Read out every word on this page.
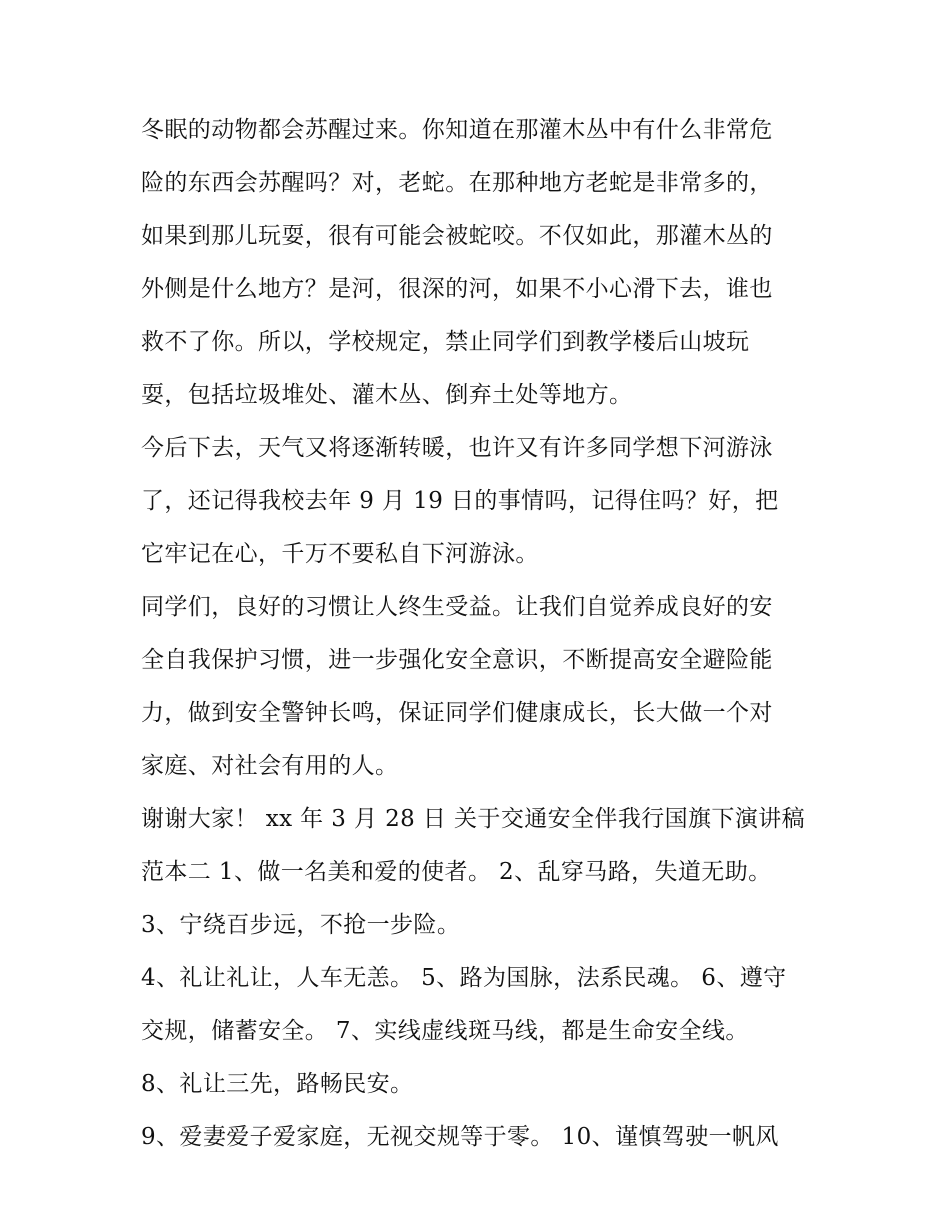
冬眠的动物都会苏醒过来。你知道在那灌木丛中有什么非常危
险的东西会苏醒吗？对，老蛇。在那种地方老蛇是非常多的，
如果到那儿玩耍，很有可能会被蛇咬。不仅如此，那灌木丛的
外侧是什么地方？是河，很深的河，如果不小心滑下去，谁也
救不了你。所以，学校规定，禁止同学们到教学楼后山坡玩
耍，包括垃圾堆处、灌木丛、倒弃土处等地方。
今后下去，天气又将逐渐转暖，也许又有许多同学想下河游泳
了，还记得我校去年 9 月 19 日的事情吗，记得住吗？好，把
它牢记在心，千万不要私自下河游泳。
同学们，良好的习惯让人终生受益。让我们自觉养成良好的安
全自我保护习惯，进一步强化安全意识，不断提高安全避险能
力，做到安全警钟长鸣，保证同学们健康成长，长大做一个对
家庭、对社会有用的人。
谢谢大家！ xx 年 3 月 28 日 关于交通安全伴我行国旗下演讲稿
范本二 1、做一名美和爱的使者。 2、乱穿马路，失道无助。
3、宁绕百步远，不抢一步险。
4、礼让礼让，人车无恙。 5、路为国脉，法系民魂。 6、遵守
交规，储蓄安全。 7、实线虚线斑马线，都是生命安全线。
8、礼让三先，路畅民安。
9、爱妻爱子爱家庭，无视交规等于零。 10、谨慎驾驶一帆风
